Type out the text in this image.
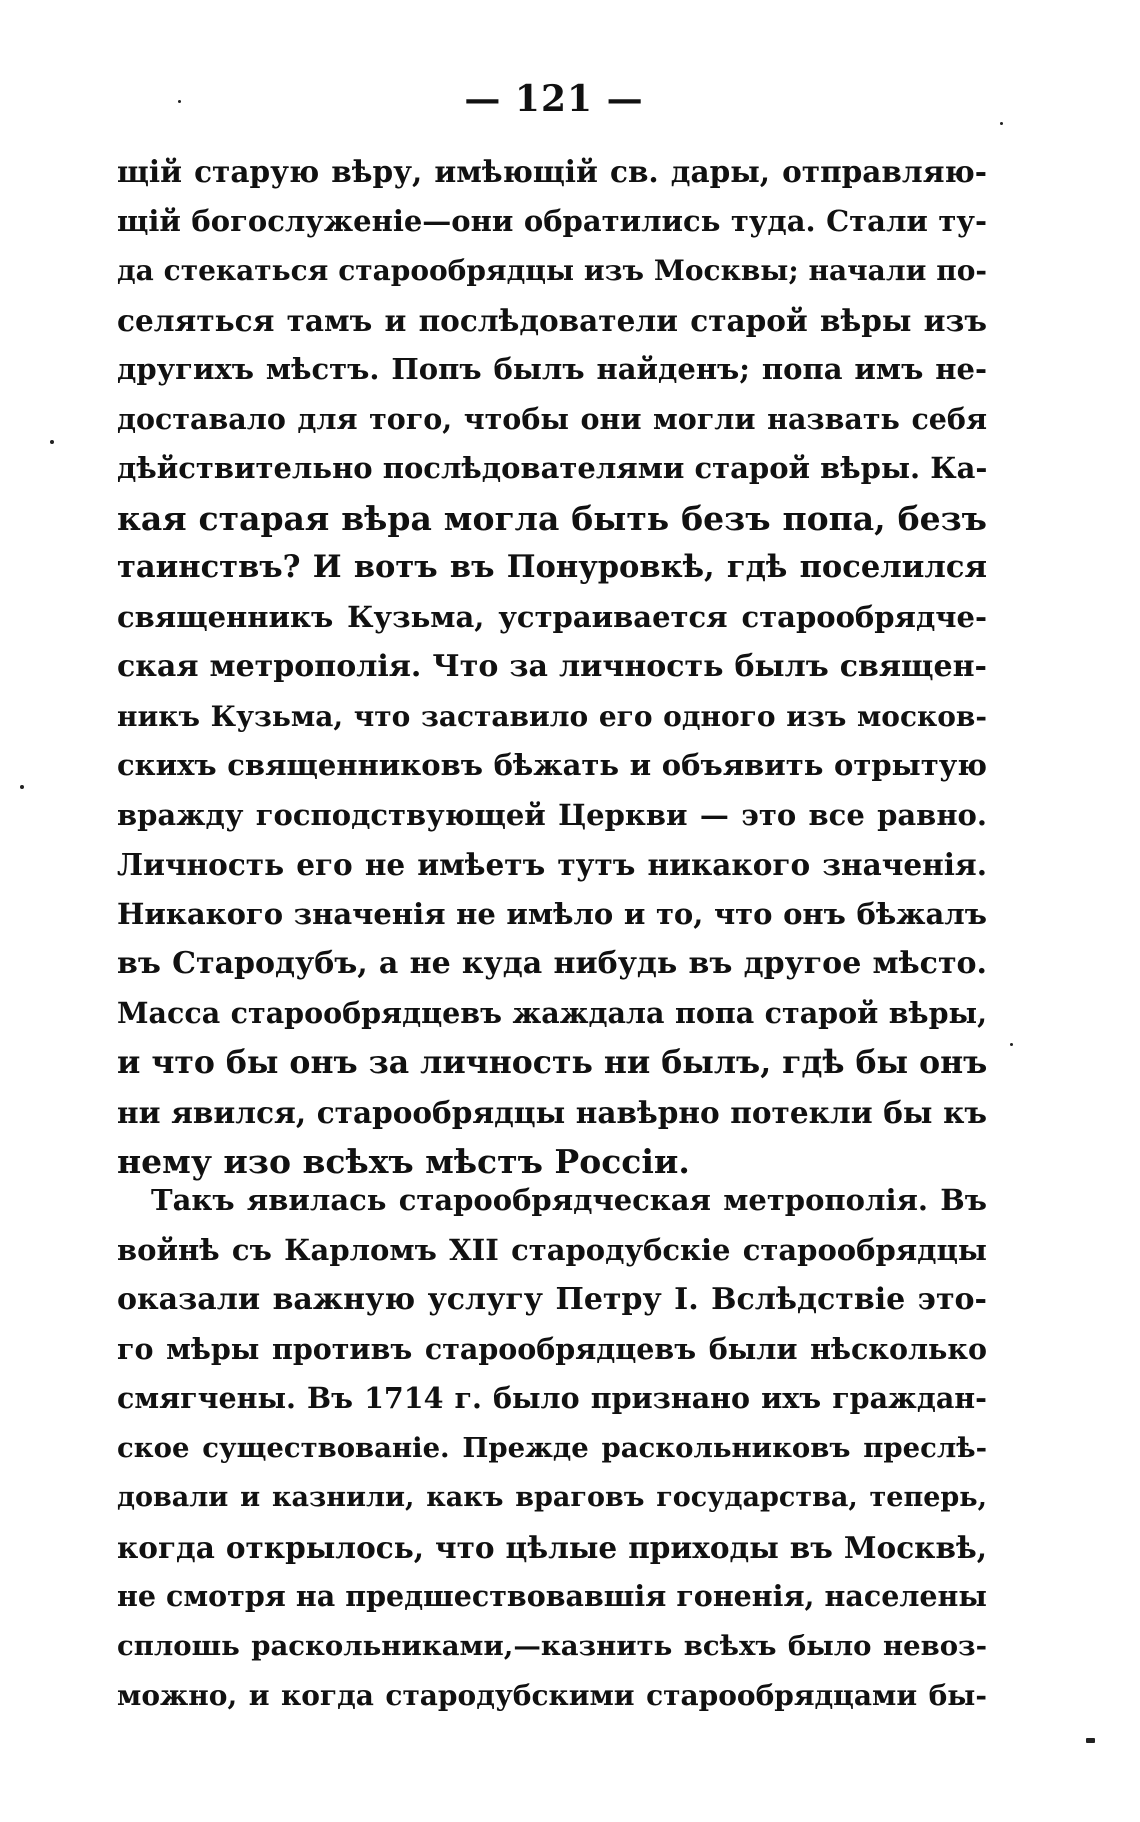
— 121 —
щій старую вѣру, имѣющій св. дары, отправляю-
щій богослуженіе—они обратились туда. Стали ту-
да стекаться старообрядцы изъ Москвы; начали по-
селяться тамъ и послѣдователи старой вѣры изъ
другихъ мѣстъ. Попъ былъ найденъ; попа имъ не-
доставало для того, чтобы они могли назвать себя
дѣйствительно послѣдователями старой вѣры. Ка-
кая старая вѣра могла быть безъ попа, безъ
таинствъ? И вотъ въ Понуровкѣ, гдѣ поселился
священникъ Кузьма, устраивается старообрядче-
ская метрополія. Что за личность былъ священ-
никъ Кузьма, что заставило его одного изъ москов-
скихъ священниковъ бѣжать и объявить отрытую
вражду господствующей Церкви — это все равно.
Личность его не имѣетъ тутъ никакого значенія.
Никакого значенія не имѣло и то, что онъ бѣжалъ
въ Стародубъ, а не куда нибудь въ другое мѣсто.
Масса старообрядцевъ жаждала попа старой вѣры,
и что бы онъ за личность ни былъ, гдѣ бы онъ
ни явился, старообрядцы навѣрно потекли бы къ
нему изо всѣхъ мѣстъ Россіи.
Такъ явилась старообрядческая метрополія. Въ
войнѣ съ Карломъ XII стародубскіе старообрядцы
оказали важную услугу Петру I. Вслѣдствіе это-
го мѣры противъ старообрядцевъ были нѣсколько
смягчены. Въ 1714 г. было признано ихъ граждан-
ское существованіе. Прежде раскольниковъ преслѣ-
довали и казнили, какъ враговъ государства, теперь,
когда открылось, что цѣлые приходы въ Москвѣ,
не смотря на предшествовавшія гоненія, населены
сплошь раскольниками,—казнить всѣхъ было невоз-
можно, и когда стародубскими старообрядцами бы-
